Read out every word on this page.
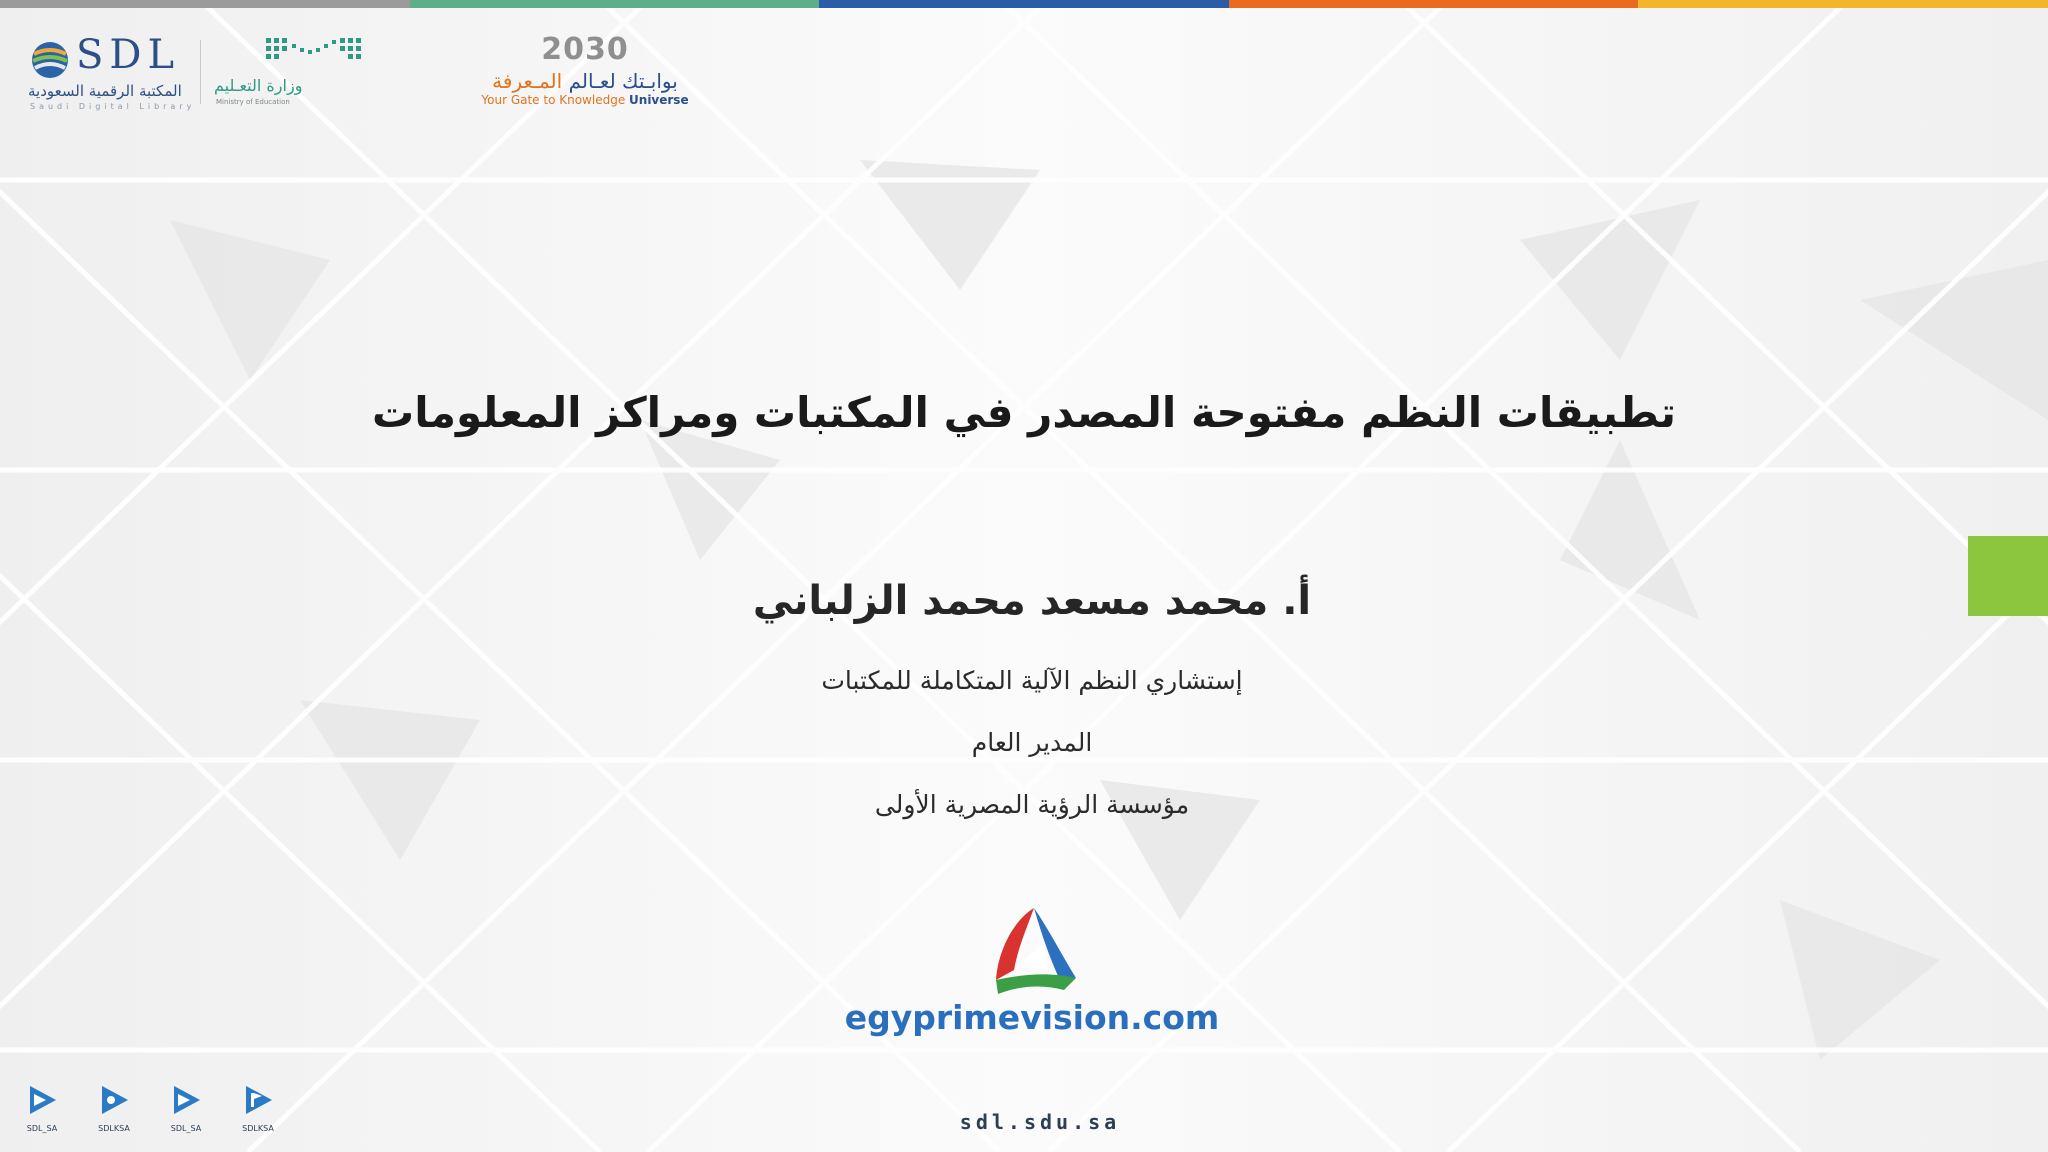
SDL
المكتبة الرقمية السعودية
Saudi Digital Library
وزارة التعـليم
Ministry of Education
2030
بوابـتك لعـالم المـعرفة
Your Gate to Knowledge Universe
تطبيقات النظم مفتوحة المصدر في المكتبات ومراكز المعلومات
أ. محمد مسعد محمد الزلباني
إستشاري النظم الآلية المتكاملة للمكتبات
المدير العام
مؤسسة الرؤية المصرية الأولى
egyprimevision.com
sdl.sdu.sa
SDL_SA	SDLKSA	SDL_SA	SDLKSA
